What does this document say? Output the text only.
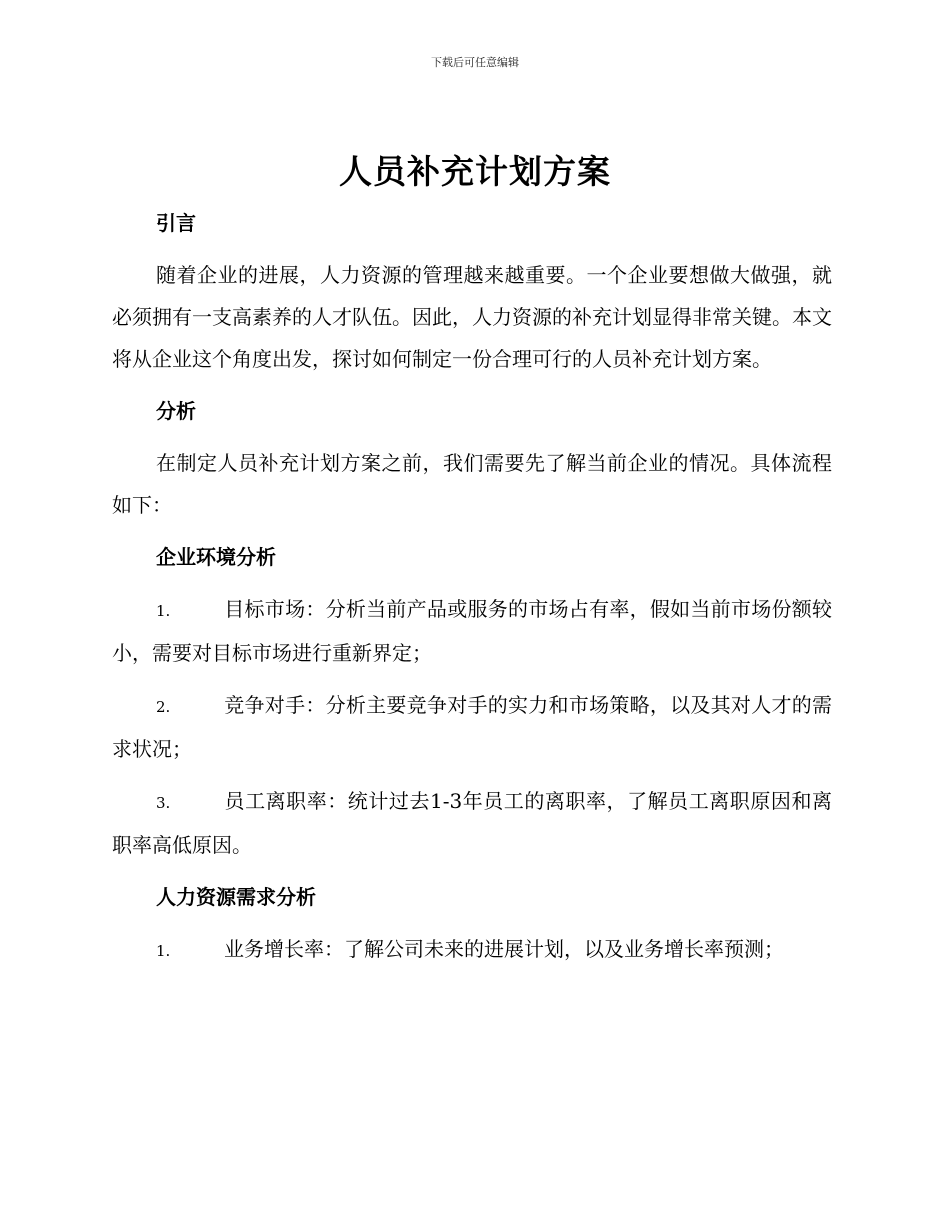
下载后可任意编辑
人员补充计划方案

引言

随着企业的进展，人力资源的管理越来越重要。一个企业要想做大做强，就必须拥有一支高素养的人才队伍。因此，人力资源的补充计划显得非常关键。本文将从企业这个角度出发，探讨如何制定一份合理可行的人员补充计划方案。

分析

在制定人员补充计划方案之前，我们需要先了解当前企业的情况。具体流程如下：

企业环境分析

1.	目标市场：分析当前产品或服务的市场占有率，假如当前市场份额较小，需要对目标市场进行重新界定；

2.	竞争对手：分析主要竞争对手的实力和市场策略，以及其对人才的需求状况；

3.	员工离职率：统计过去1-3年员工的离职率，了解员工离职原因和离职率高低原因。

人力资源需求分析

1.	业务增长率：了解公司未来的进展计划，以及业务增长率预测；
